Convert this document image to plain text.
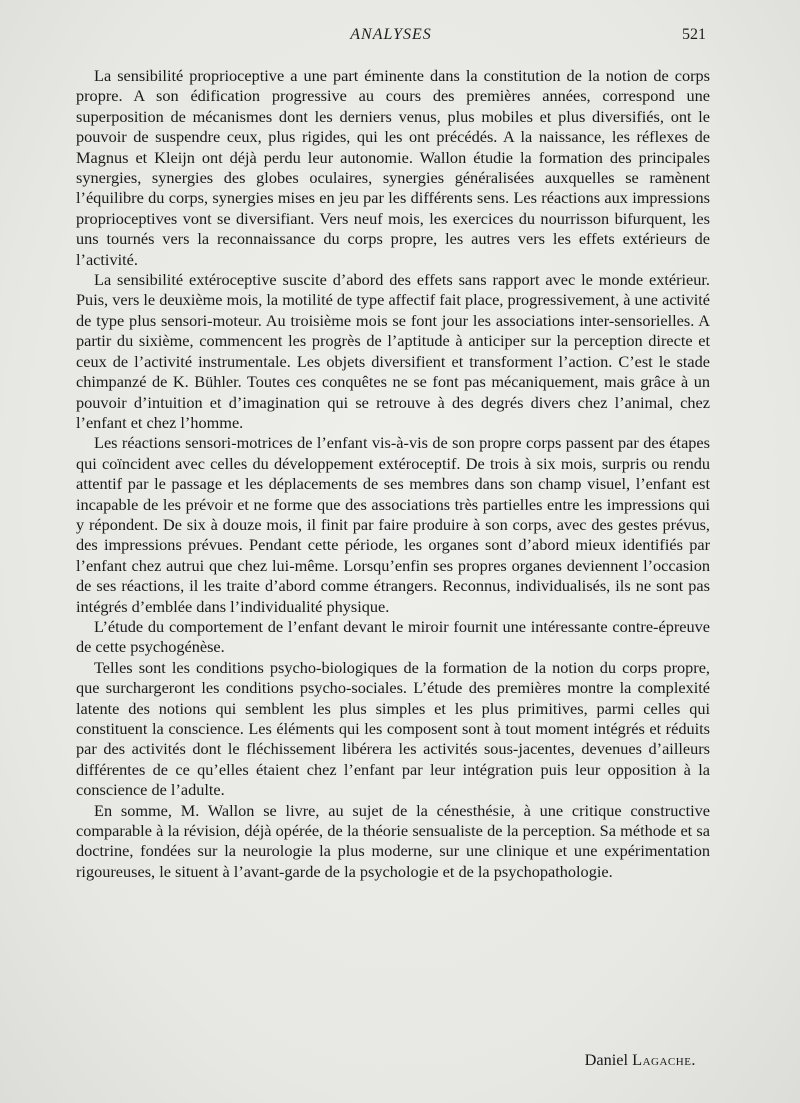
ANALYSES	521

La sensibilité proprioceptive a une part éminente dans la constitution de la notion de corps propre. A son édification progressive au cours des premières années, correspond une superposition de mécanismes dont les derniers venus, plus mobiles et plus diversifiés, ont le pouvoir de suspendre ceux, plus rigides, qui les ont précédés. A la naissance, les réflexes de Magnus et Kleijn ont déjà perdu leur autonomie. Wallon étudie la formation des principales synergies, synergies des globes oculaires, synergies généralisées auxquelles se ramènent l’équilibre du corps, synergies mises en jeu par les différents sens. Les réactions aux impressions proprioceptives vont se diversifiant. Vers neuf mois, les exercices du nourrisson bifurquent, les uns tournés vers la reconnaissance du corps propre, les autres vers les effets extérieurs de l’activité.

La sensibilité extéroceptive suscite d’abord des effets sans rapport avec le monde extérieur. Puis, vers le deuxième mois, la motilité de type affectif fait place, progressivement, à une activité de type plus sensori-moteur. Au troisième mois se font jour les associations inter-sensorielles. A partir du sixième, commencent les progrès de l’aptitude à anticiper sur la perception directe et ceux de l’activité instrumentale. Les objets diversifient et transforment l’action. C’est le stade chimpanzé de K. Bühler. Toutes ces conquêtes ne se font pas mécaniquement, mais grâce à un pouvoir d’intuition et d’imagination qui se retrouve à des degrés divers chez l’animal, chez l’enfant et chez l’homme.

Les réactions sensori-motrices de l’enfant vis-à-vis de son propre corps passent par des étapes qui coïncident avec celles du développement extéroceptif. De trois à six mois, surpris ou rendu attentif par le passage et les déplacements de ses membres dans son champ visuel, l’enfant est incapable de les prévoir et ne forme que des associations très partielles entre les impressions qui y répondent. De six à douze mois, il finit par faire produire à son corps, avec des gestes prévus, des impressions prévues. Pendant cette période, les organes sont d’abord mieux identifiés par l’enfant chez autrui que chez lui-même. Lorsqu’enfin ses propres organes deviennent l’occasion de ses réactions, il les traite d’abord comme étrangers. Reconnus, individualisés, ils ne sont pas intégrés d’emblée dans l’individualité physique.

L’étude du comportement de l’enfant devant le miroir fournit une intéressante contre-épreuve de cette psychogénèse.

Telles sont les conditions psycho-biologiques de la formation de la notion du corps propre, que surchargeront les conditions psycho-sociales. L’étude des premières montre la complexité latente des notions qui semblent les plus simples et les plus primitives, parmi celles qui constituent la conscience. Les éléments qui les composent sont à tout moment intégrés et réduits par des activités dont le fléchissement libérera les activités sous-jacentes, devenues d’ailleurs différentes de ce qu’elles étaient chez l’enfant par leur intégration puis leur opposition à la conscience de l’adulte.

En somme, M. Wallon se livre, au sujet de la cénesthésie, à une critique constructive comparable à la révision, déjà opérée, de la théorie sensualiste de la perception. Sa méthode et sa doctrine, fondées sur la neurologie la plus moderne, sur une clinique et une expérimentation rigoureuses, le situent à l’avant-garde de la psychologie et de la psychopathologie.

Daniel Lagache.
